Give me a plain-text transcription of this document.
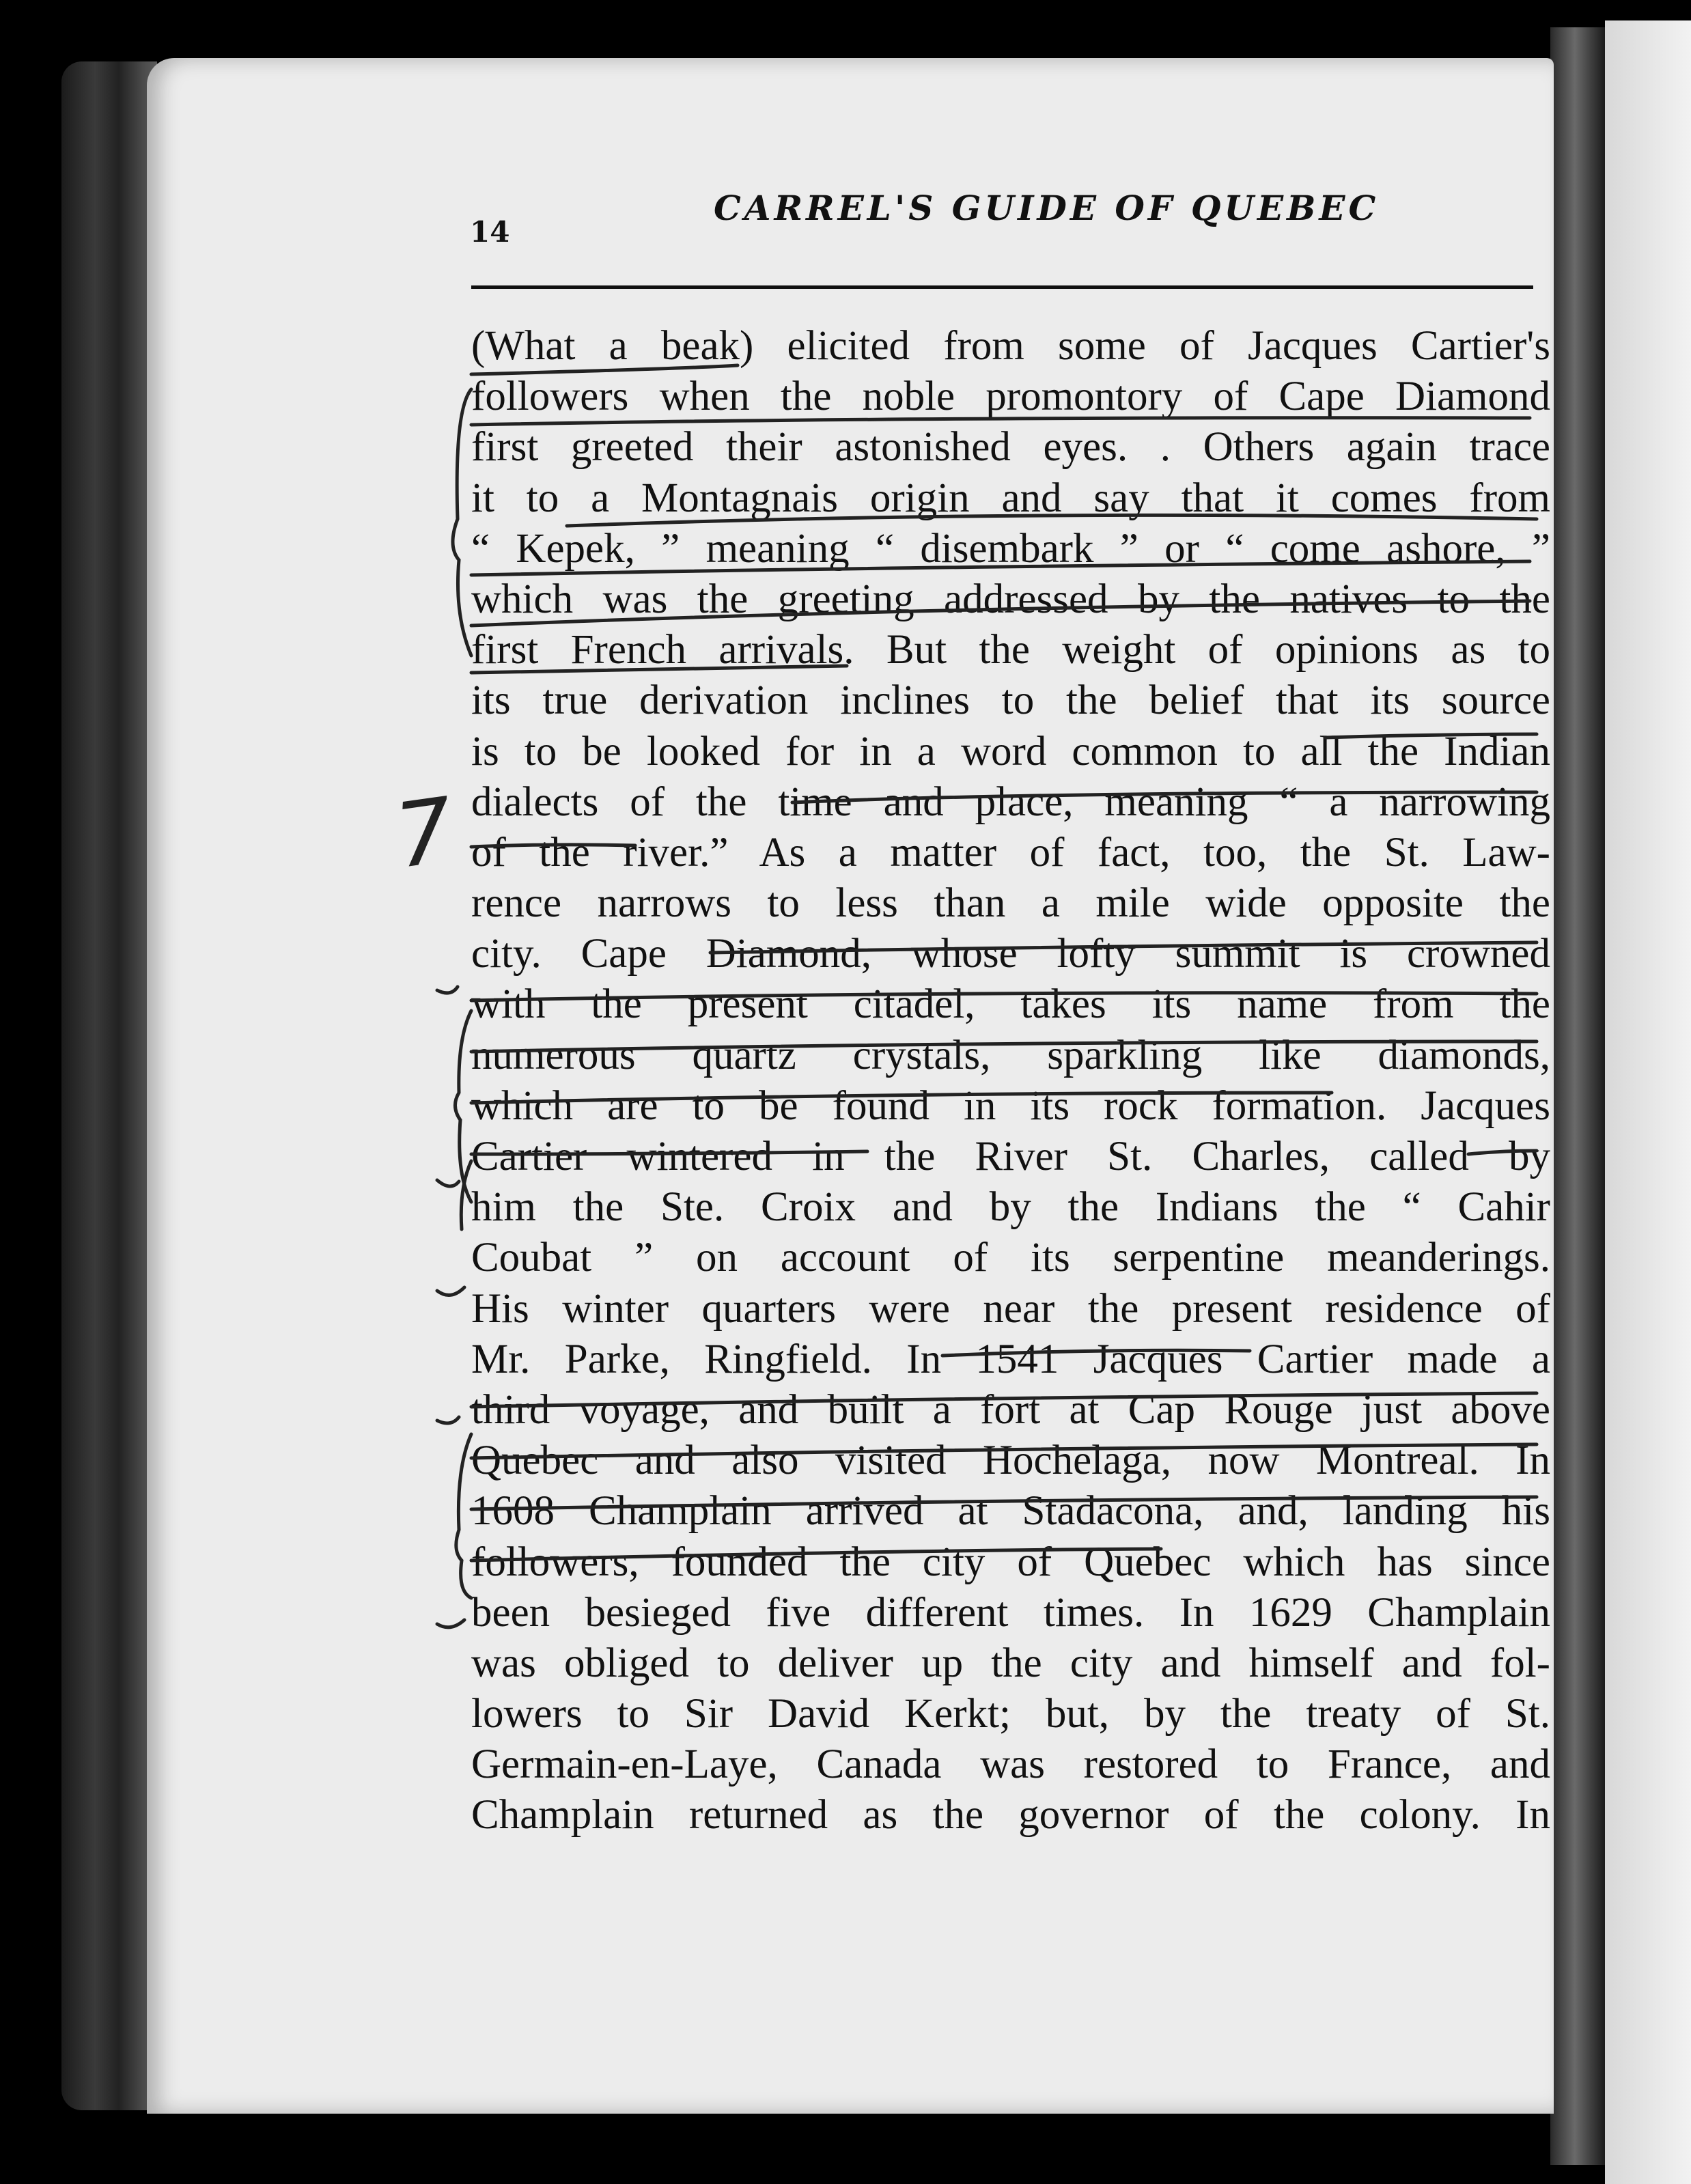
14
CARREL'S GUIDE OF QUEBEC
(What a beak) elicited from some of Jacques Cartier's
followers when the noble promontory of Cape Diamond
first greeted their astonished eyes. . Others again trace
it to a Montagnais origin and say that it comes from
“ Kepek, ” meaning “ disembark ” or “ come ashore, ”
which was the greeting addressed by the natives to the
first French arrivals. But the weight of opinions as to
its true derivation inclines to the belief that its source
is to be looked for in a word common to all the Indian
dialects of the time and place, meaning “ a narrowing
of the river.” As a matter of fact, too, the St. Law-
rence narrows to less than a mile wide opposite the
city. Cape Diamond, whose lofty summit is crowned
with the present citadel, takes its name from the
numerous quartz crystals, sparkling like diamonds,
which are to be found in its rock formation. Jacques
Cartier wintered in the River St. Charles, called by
him the Ste. Croix and by the Indians the “ Cahir
Coubat ” on account of its serpentine meanderings.
His winter quarters were near the present residence of
Mr. Parke, Ringfield. In 1541 Jacques Cartier made a
third voyage, and built a fort at Cap Rouge just above
Quebec and also visited Hochelaga, now Montreal. In
1608 Champlain arrived at Stadacona, and, landing his
followers, founded the city of Quebec which has since
been besieged five different times. In 1629 Champlain
was obliged to deliver up the city and himself and fol-
lowers to Sir David Kerkt; but, by the treaty of St.
Germain-en-Laye, Canada was restored to France, and
Champlain returned as the governor of the colony. In
7
